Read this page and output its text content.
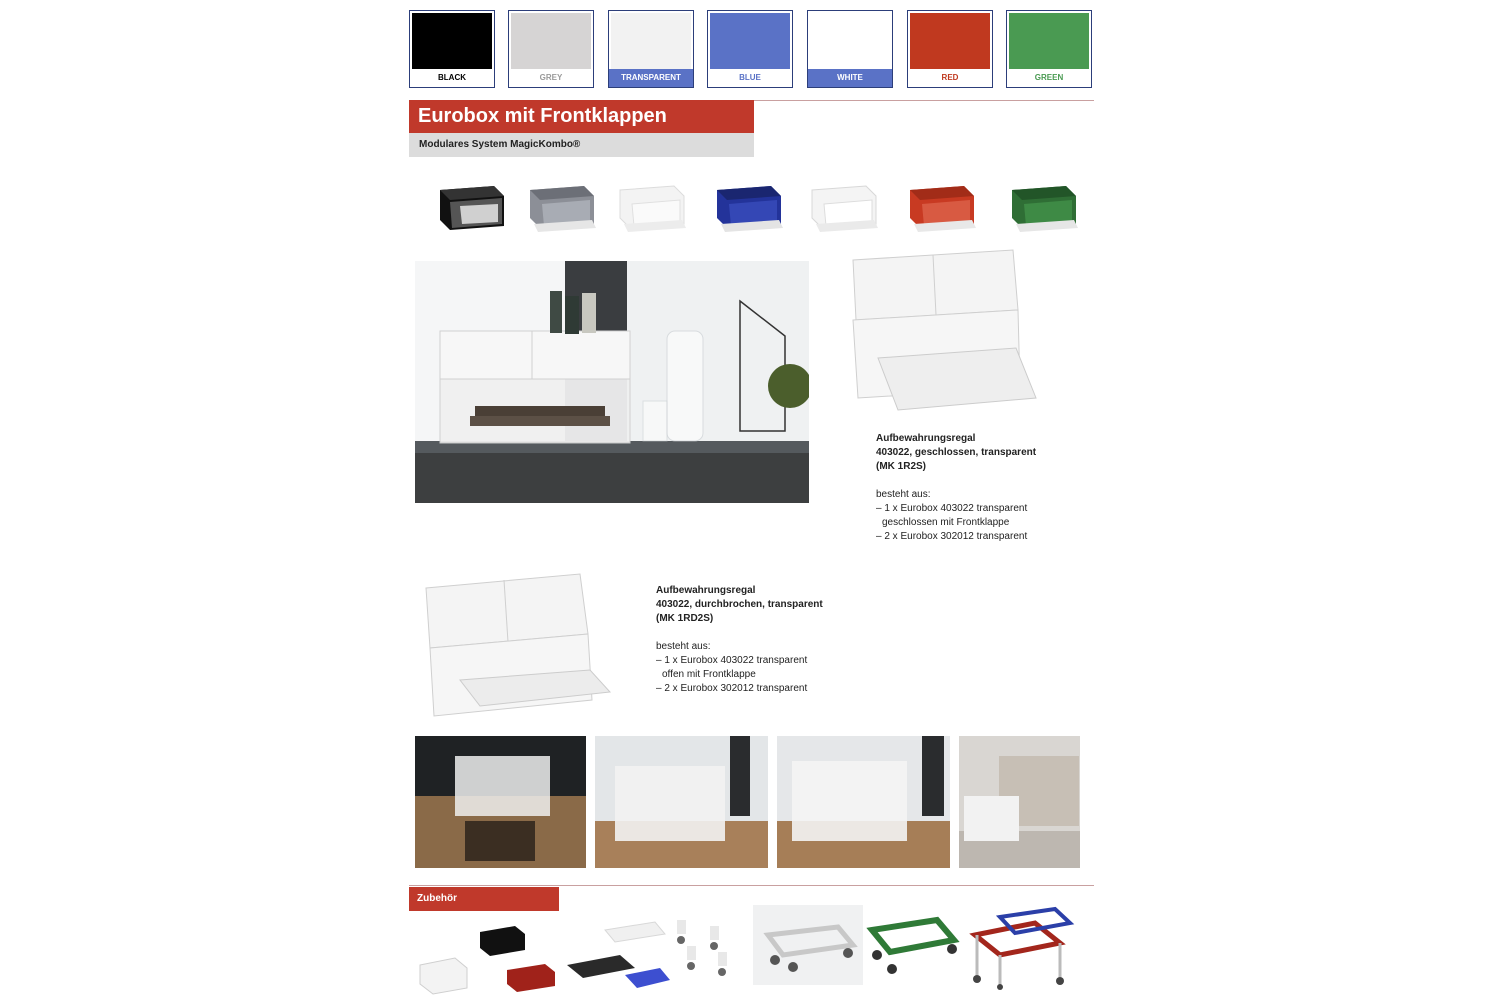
BLACK	GREY	TRANSPARENT	BLUE	WHITE	RED	GREEN
Eurobox mit Frontklappen
Modulares System MagicKombo®
Aufbewahrungsregal
403022, geschlossen, transparent
(MK 1R2S)
besteht aus:
– 1 x Eurobox 403022 transparent
geschlossen mit Frontklappe
– 2 x Eurobox 302012 transparent
Aufbewahrungsregal
403022, durchbrochen, transparent
(MK 1RD2S)
besteht aus:
– 1 x Eurobox 403022 transparent
offen mit Frontklappe
– 2 x Eurobox 302012 transparent
Zubehör
